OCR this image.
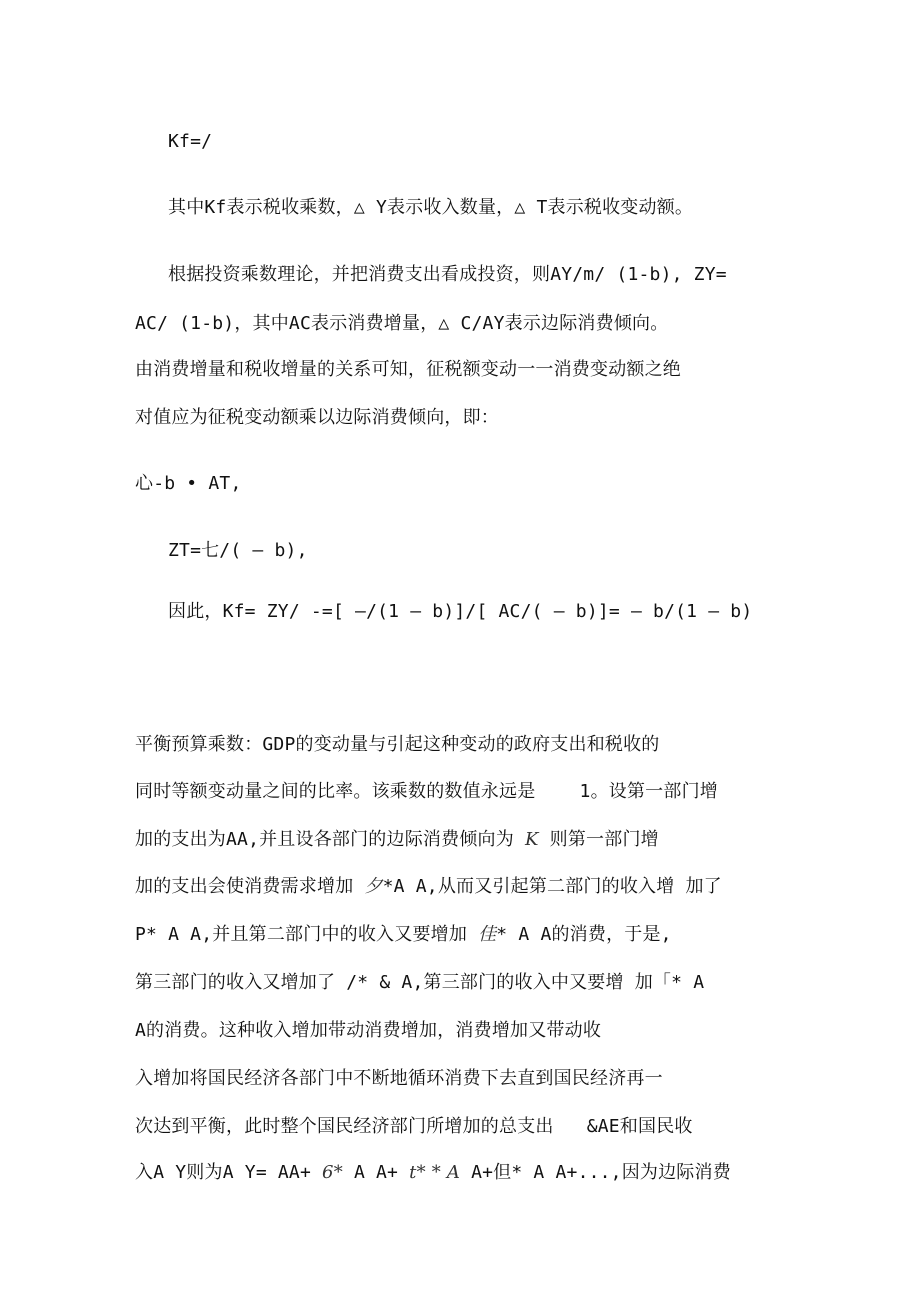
Kf=/
其中Kf表示税收乘数，△ Y表示收入数量，△ T表示税收变动额。
根据投资乘数理论，并把消费支出看成投资，则AY/m/ (1-b), ZY=
AC/ (1-b)，其中AC表示消费增量，△ C/AY表示边际消费倾向。
由消费增量和税收增量的关系可知，征税额变动一一消费变动额之绝
对值应为征税变动额乘以边际消费倾向，即：
心-b • AT,
ZT=七/( — b),
因此，Kf= ZY/ -=[ —/(1 — b)]/[ AC/( — b)]= — b/(1 — b)
平衡预算乘数：GDP的变动量与引起这种变动的政府支出和税收的
同时等额变动量之间的比率。该乘数的数值永远是    1。设第一部门增
加的支出为AA,并且设各部门的边际消费倾向为 K 则第一部门增
加的支出会使消费需求增加 夕*A A,从而又引起第二部门的收入增 加了
P* A A,并且第二部门中的收入又要增加 佳* A A的消费，于是,
第三部门的收入又增加了 /* & A,第三部门的收入中又要增 加「* A
A的消费。这种收入增加带动消费增加，消费增加又带动收
入增加将国民经济各部门中不断地循环消费下去直到国民经济再一
次达到平衡，此时整个国民经济部门所增加的总支出   &AE和国民收
入A Y则为A Y= AA+ 6* A A+ t* * A A+但* A A+...,因为边际消费
